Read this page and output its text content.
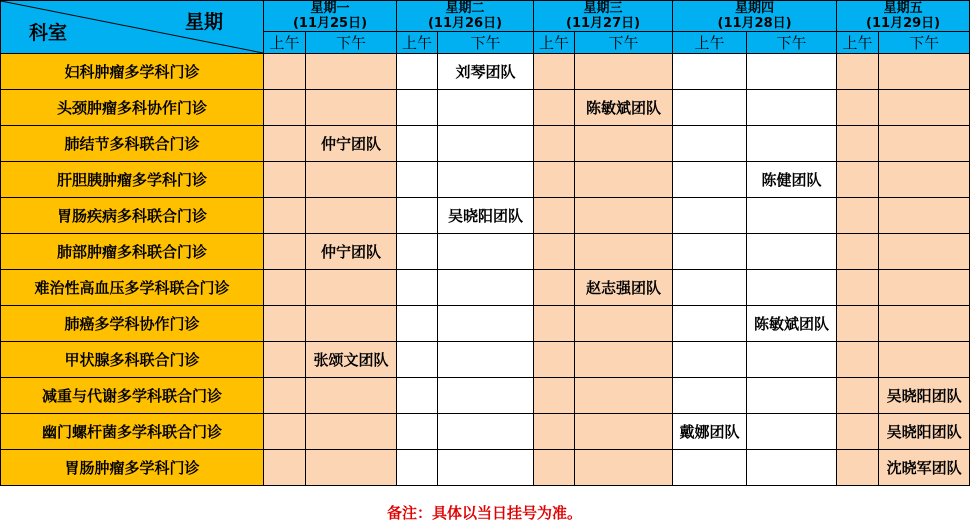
星期
科室	星期一
(11月25日)		星期二
(11月26日)		星期三
(11月27日)		星期四
(11月28日)		星期五
(11月29日)	

	上午	下午	上午	下午	上午	下午	上午	下午	上午	下午
妇科肿瘤多学科门诊				刘琴团队						
头颈肿瘤多科协作门诊						陈敏斌团队				
肺结节多科联合门诊		仲宁团队								
肝胆胰肿瘤多学科门诊								陈健团队		
胃肠疾病多科联合门诊				吴晓阳团队						
肺部肿瘤多科联合门诊		仲宁团队								
难治性高血压多学科联合门诊						赵志强团队				
肺癌多学科协作门诊								陈敏斌团队		
甲状腺多科联合门诊		张颂文团队								
减重与代谢多学科联合门诊										吴晓阳团队
幽门螺杆菌多学科联合门诊							戴娜团队			吴晓阳团队
胃肠肿瘤多学科门诊										沈晓军团队
备注：具体以当日挂号为准。
